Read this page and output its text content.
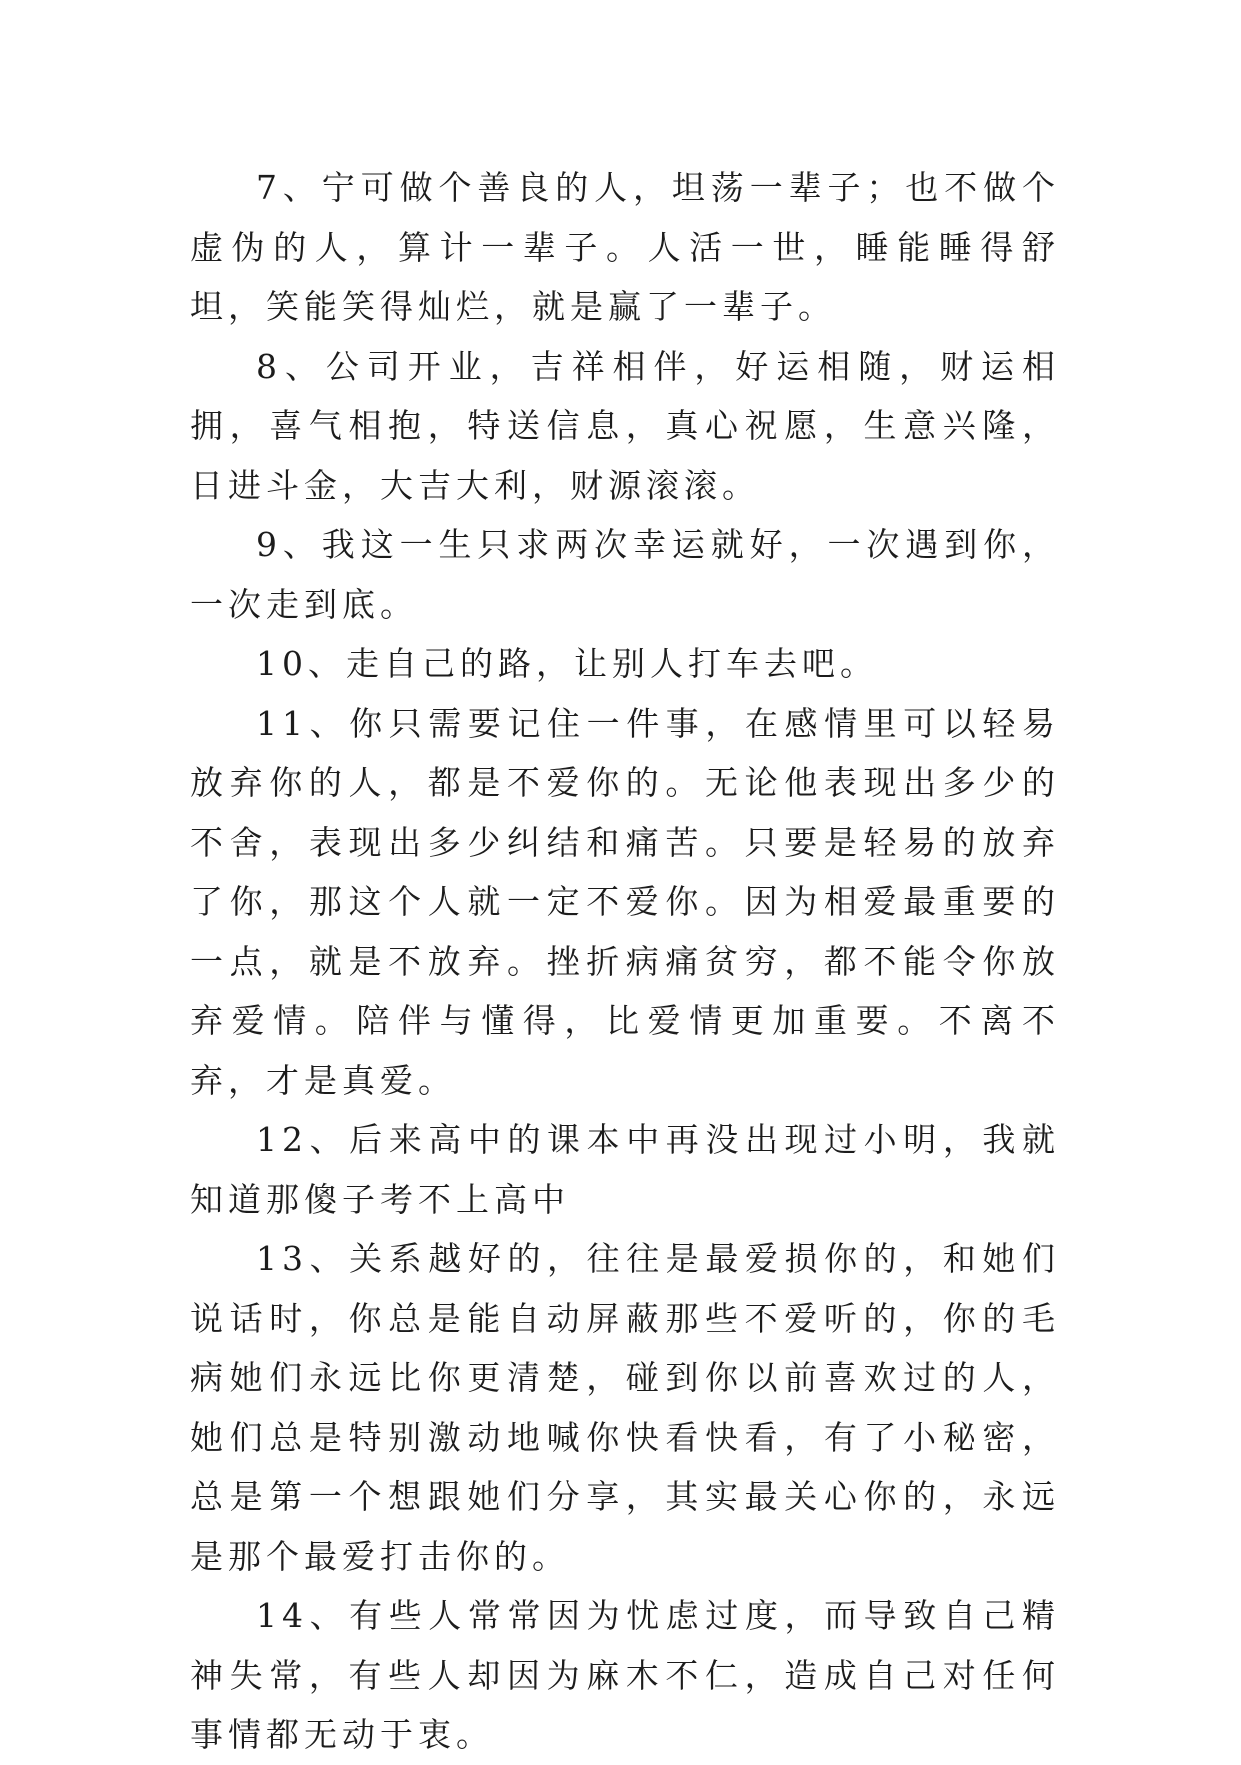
7、宁可做个善良的人，坦荡一辈子；也不做个虚伪的人，算计一辈子。人活一世，睡能睡得舒坦，笑能笑得灿烂，就是赢了一辈子。

8、公司开业，吉祥相伴，好运相随，财运相拥，喜气相抱，特送信息，真心祝愿，生意兴隆，日进斗金，大吉大利，财源滚滚。

9、我这一生只求两次幸运就好，一次遇到你，一次走到底。

10、走自己的路，让别人打车去吧。

11、你只需要记住一件事，在感情里可以轻易放弃你的人，都是不爱你的。无论他表现出多少的不舍，表现出多少纠结和痛苦。只要是轻易的放弃了你，那这个人就一定不爱你。因为相爱最重要的一点，就是不放弃。挫折病痛贫穷，都不能令你放弃爱情。陪伴与懂得，比爱情更加重要。不离不弃，才是真爱。

12、后来高中的课本中再没出现过小明，我就知道那傻子考不上高中

13、关系越好的，往往是最爱损你的，和她们说话时，你总是能自动屏蔽那些不爱听的，你的毛病她们永远比你更清楚，碰到你以前喜欢过的人，她们总是特别激动地喊你快看快看，有了小秘密，总是第一个想跟她们分享，其实最关心你的，永远是那个最爱打击你的。

14、有些人常常因为忧虑过度，而导致自己精神失常，有些人却因为麻木不仁，造成自己对任何事情都无动于衷。
